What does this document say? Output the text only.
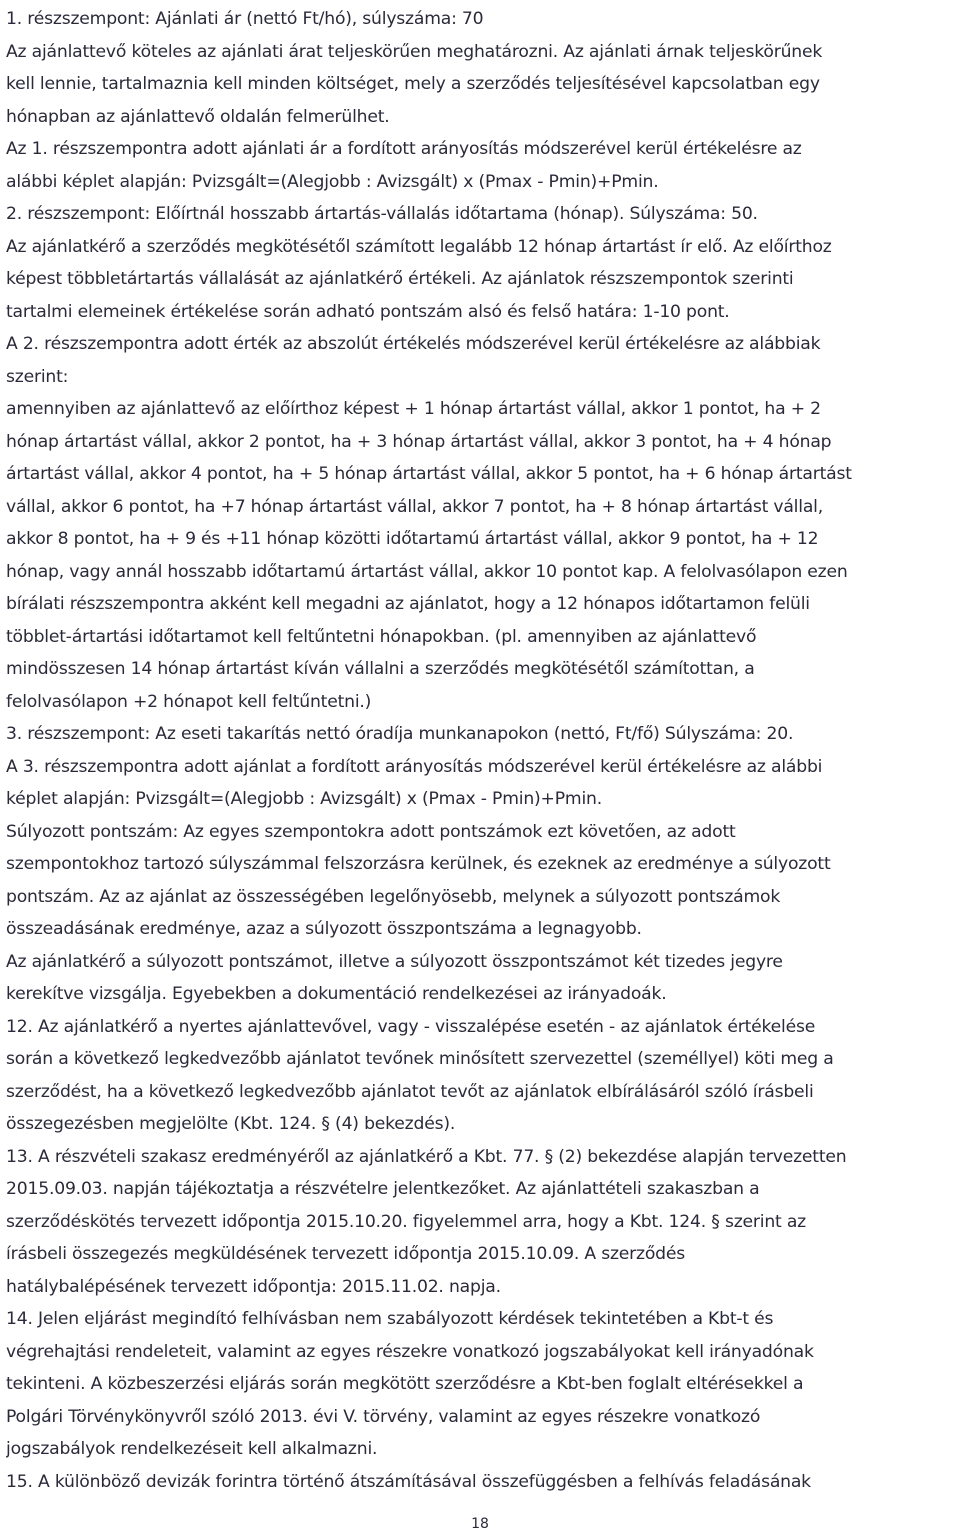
1. részszempont: Ajánlati ár (nettó Ft/hó), súlyszáma: 70
Az ajánlattevő köteles az ajánlati árat teljeskörűen meghatározni. Az ajánlati árnak teljeskörűnek
kell lennie, tartalmaznia kell minden költséget, mely a szerződés teljesítésével kapcsolatban egy
hónapban az ajánlattevő oldalán felmerülhet.
Az 1. részszempontra adott ajánlati ár a fordított arányosítás módszerével kerül értékelésre az
alábbi képlet alapján: Pvizsgált=(Alegjobb : Avizsgált) x (Pmax - Pmin)+Pmin.
2. részszempont: Előírtnál hosszabb ártartás-vállalás időtartama (hónap). Súlyszáma: 50.
Az ajánlatkérő a szerződés megkötésétől számított legalább 12 hónap ártartást ír elő. Az előírthoz
képest többletártartás vállalását az ajánlatkérő értékeli. Az ajánlatok részszempontok szerinti
tartalmi elemeinek értékelése során adható pontszám alsó és felső határa: 1-10 pont.
A 2. részszempontra adott érték az abszolút értékelés módszerével kerül értékelésre az alábbiak
szerint:
amennyiben az ajánlattevő az előírthoz képest + 1 hónap ártartást vállal, akkor 1 pontot, ha + 2
hónap ártartást vállal, akkor 2 pontot, ha + 3 hónap ártartást vállal, akkor 3 pontot, ha + 4 hónap
ártartást vállal, akkor 4 pontot, ha + 5 hónap ártartást vállal, akkor 5 pontot, ha + 6 hónap ártartást
vállal, akkor 6 pontot, ha +7 hónap ártartást vállal, akkor 7 pontot, ha + 8 hónap ártartást vállal,
akkor 8 pontot, ha + 9 és +11 hónap közötti időtartamú ártartást vállal, akkor 9 pontot, ha + 12
hónap, vagy annál hosszabb időtartamú ártartást vállal, akkor 10 pontot kap. A felolvasólapon ezen
bírálati részszempontra akként kell megadni az ajánlatot, hogy a 12 hónapos időtartamon felüli
többlet-ártartási időtartamot kell feltűntetni hónapokban. (pl. amennyiben az ajánlattevő
mindösszesen 14 hónap ártartást kíván vállalni a szerződés megkötésétől számítottan, a
felolvasólapon +2 hónapot kell feltűntetni.)
3. részszempont: Az eseti takarítás nettó óradíja munkanapokon (nettó, Ft/fő) Súlyszáma: 20.
A 3. részszempontra adott ajánlat a fordított arányosítás módszerével kerül értékelésre az alábbi
képlet alapján: Pvizsgált=(Alegjobb : Avizsgált) x (Pmax - Pmin)+Pmin.
Súlyozott pontszám: Az egyes szempontokra adott pontszámok ezt követően, az adott
szempontokhoz tartozó súlyszámmal felszorzásra kerülnek, és ezeknek az eredménye a súlyozott
pontszám. Az az ajánlat az összességében legelőnyösebb, melynek a súlyozott pontszámok
összeadásának eredménye, azaz a súlyozott összpontszáma a legnagyobb.
Az ajánlatkérő a súlyozott pontszámot, illetve a súlyozott összpontszámot két tizedes jegyre
kerekítve vizsgálja. Egyebekben a dokumentáció rendelkezései az irányadoák.
12. Az ajánlatkérő a nyertes ajánlattevővel, vagy - visszalépése esetén - az ajánlatok értékelése
során a következő legkedvezőbb ajánlatot tevőnek minősített szervezettel (személlyel) köti meg a
szerződést, ha a következő legkedvezőbb ajánlatot tevőt az ajánlatok elbírálásáról szóló írásbeli
összegezésben megjelölte (Kbt. 124. § (4) bekezdés).
13. A részvételi szakasz eredményéről az ajánlatkérő a Kbt. 77. § (2) bekezdése alapján tervezetten
2015.09.03. napján tájékoztatja a részvételre jelentkezőket. Az ajánlattételi szakaszban a
szerződéskötés tervezett időpontja 2015.10.20. figyelemmel arra, hogy a Kbt. 124. § szerint az
írásbeli összegezés megküldésének tervezett időpontja 2015.10.09. A szerződés
hatálybalépésének tervezett időpontja: 2015.11.02. napja.
14. Jelen eljárást megindító felhívásban nem szabályozott kérdések tekintetében a Kbt-t és
végrehajtási rendeleteit, valamint az egyes részekre vonatkozó jogszabályokat kell irányadónak
tekinteni. A közbeszerzési eljárás során megkötött szerződésre a Kbt-ben foglalt eltérésekkel a
Polgári Törvénykönyvről szóló 2013. évi V. törvény, valamint az egyes részekre vonatkozó
jogszabályok rendelkezéseit kell alkalmazni.
15. A különböző devizák forintra történő átszámításával összefüggésben a felhívás feladásának
18
